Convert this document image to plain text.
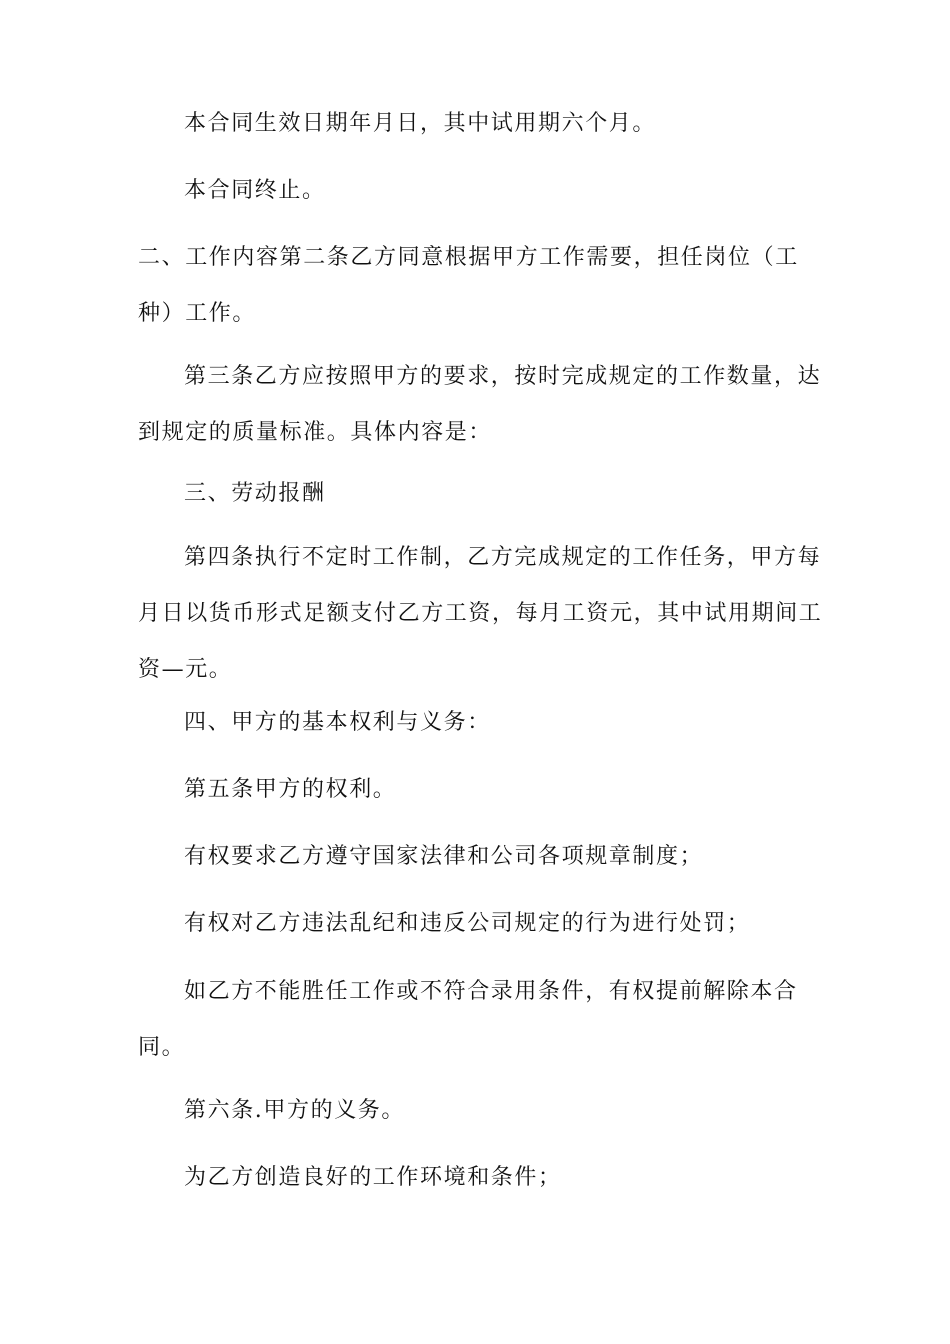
本合同生效日期年月日，其中试用期六个月。

本合同终止。

二、工作内容第二条乙方同意根据甲方工作需要，担任岗位（工种）工作。

第三条乙方应按照甲方的要求，按时完成规定的工作数量，达到规定的质量标准。具体内容是：

三、劳动报酬

第四条执行不定时工作制，乙方完成规定的工作任务，甲方每月日以货币形式足额支付乙方工资，每月工资元，其中试用期间工资—元。

四、甲方的基本权利与义务：

第五条甲方的权利。

有权要求乙方遵守国家法律和公司各项规章制度；

有权对乙方违法乱纪和违反公司规定的行为进行处罚；

如乙方不能胜任工作或不符合录用条件，有权提前解除本合同。

第六条.甲方的义务。

为乙方创造良好的工作环境和条件；
